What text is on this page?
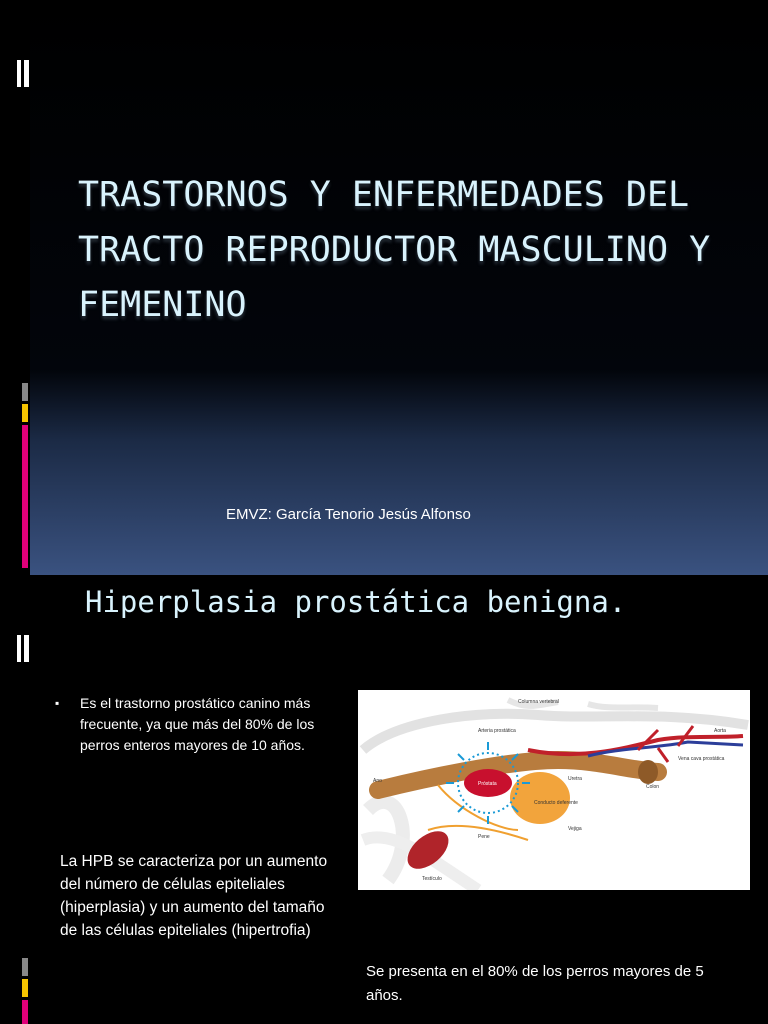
TRASTORNOS Y ENFERMEDADES DEL TRACTO REPRODUCTOR MASCULINO Y FEMENINO

EMVZ: García Tenorio Jesús Alfonso

Hiperplasia prostática benigna.
▪ Es el trastorno prostático canino más frecuente, ya que más del 80% de los perros enteros mayores de 10 años.

La HPB se caracteriza por un aumento del número de células epiteliales (hiperplasia) y un aumento del tamaño de las células epiteliales (hipertrofia)

Columna vertebral
Arteria prostática	Aorta
Vena cava prostática
Ano	Próstata
Uretra
Colon
Conducto deferente
Vejiga
Pene
Testículo

Se presenta en el 80% de los perros mayores de 5 años.
